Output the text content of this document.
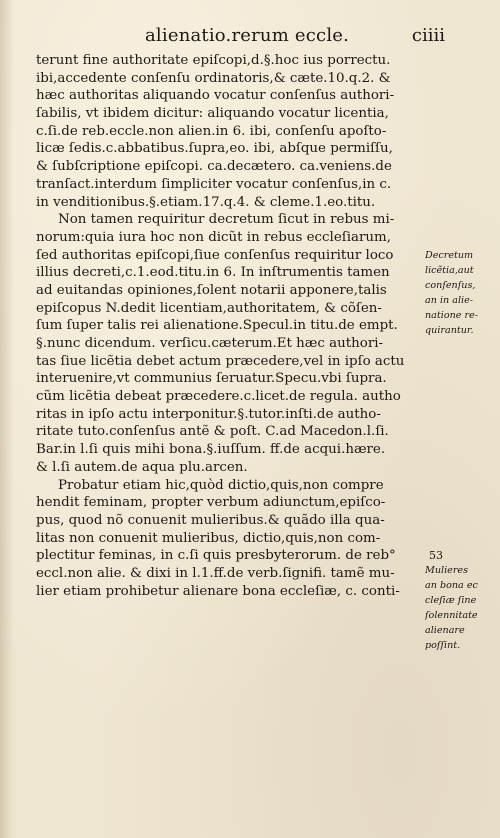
alienatio.rerum eccle.	ciiii
terunt fine authoritate epiſcopi,d.§.hoc ius porrectu.
ibi,accedente conſenſu ordinatoris,& cæte.10.q.2. &
hæc authoritas aliquando vocatur conſenſus authori-
ſabilis, vt ibidem dicitur: aliquando vocatur licentia,
c.ſi.de reb.eccle.non alien.in 6. ibi, conſenſu apoſto-
licæ ſedis.c.abbatibus.ſupra,eo. ibi, abſque permiſſu,
& ſubſcriptione epiſcopi. ca.decætero. ca.veniens.de
tranſact.interdum ſimpliciter vocatur conſenſus,in c.
in venditionibus.§.etiam.17.q.4. & cleme.1.eo.titu.
Non tamen requiritur decretum ſicut in rebus mi-
norum:quia iura hoc non dicũt in rebus eccleſiarum,
ſed authoritas epiſcopi,ſiue conſenſus requiritur loco
illius decreti,c.1.eod.titu.in 6. In inſtrumentis tamen
ad euitandas opiniones,ſolent notarii apponere,talis
epiſcopus N.dedit licentiam,authoritatem, & cõſen-
ſum ſuper talis rei alienatione.Specul.in titu.de empt.
§.nunc dicendum. verſicu.cæterum.Et hæc authori-
tas ſiue licẽtia debet actum præcedere,vel in ipſo actu
interuenire,vt communius ſeruatur.Specu.vbi ſupra.
cũm licẽtia debeat præcedere.c.licet.de regula. autho
ritas in ipſo actu interponitur.§.tutor.inſti.de autho-
ritate tuto.conſenſus antẽ & poſt. C.ad Macedon.l.ſi.
Bar.in l.ſi quis mihi bona.§.iuſſum. ff.de acqui.hære.
& l.ſi autem.de aqua plu.arcen.
Probatur etiam hic,quòd dictio,quis,non compre
hendit feminam, propter verbum adiunctum,epiſco-
pus, quod nõ conuenit mulieribus.& quãdo illa qua-
litas non conuenit mulieribus, dictio,quis,non com-
plectitur feminas, in c.ſi quis presbyterorum. de reb°
eccl.non alie. & dixi in l.1.ff.de verb.ſignifi. tamẽ mu-
lier etiam prohibetur alienare bona eccleſiæ, c. conti-
Decretum
licẽtia,aut
conſenſus,
an in alie-
natione re-
quirantur.
53
Mulieres
an bona ec
cleſiæ ſine
ſolennitate
alienare
poſſint.
